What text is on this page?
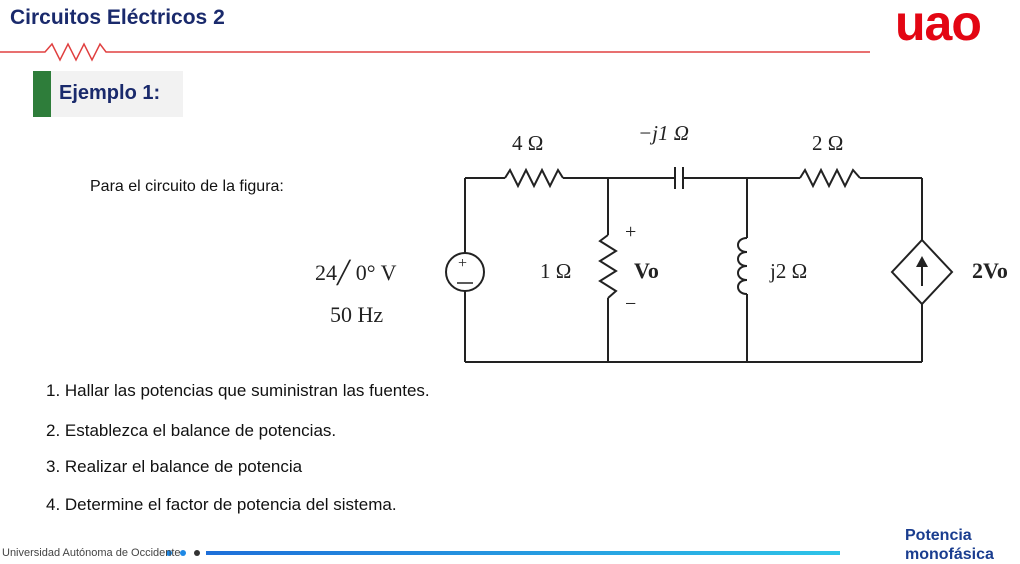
Circuitos Eléctricos 2	uao
Ejemplo 1:
Para el circuito de la figura:
+
4 Ω	−j1 Ω	2 Ω
1 Ω	j2 Ω
+
Vo
−
2Vo
24╱ 0° V
50 Hz
1. Hallar las potencias que suministran las fuentes.
2. Establezca el balance de potencias.
3. Realizar el balance de potencia
4. Determine el factor de potencia del sistema.
Universidad Autónoma de Occidente
Potencia
monofásica
